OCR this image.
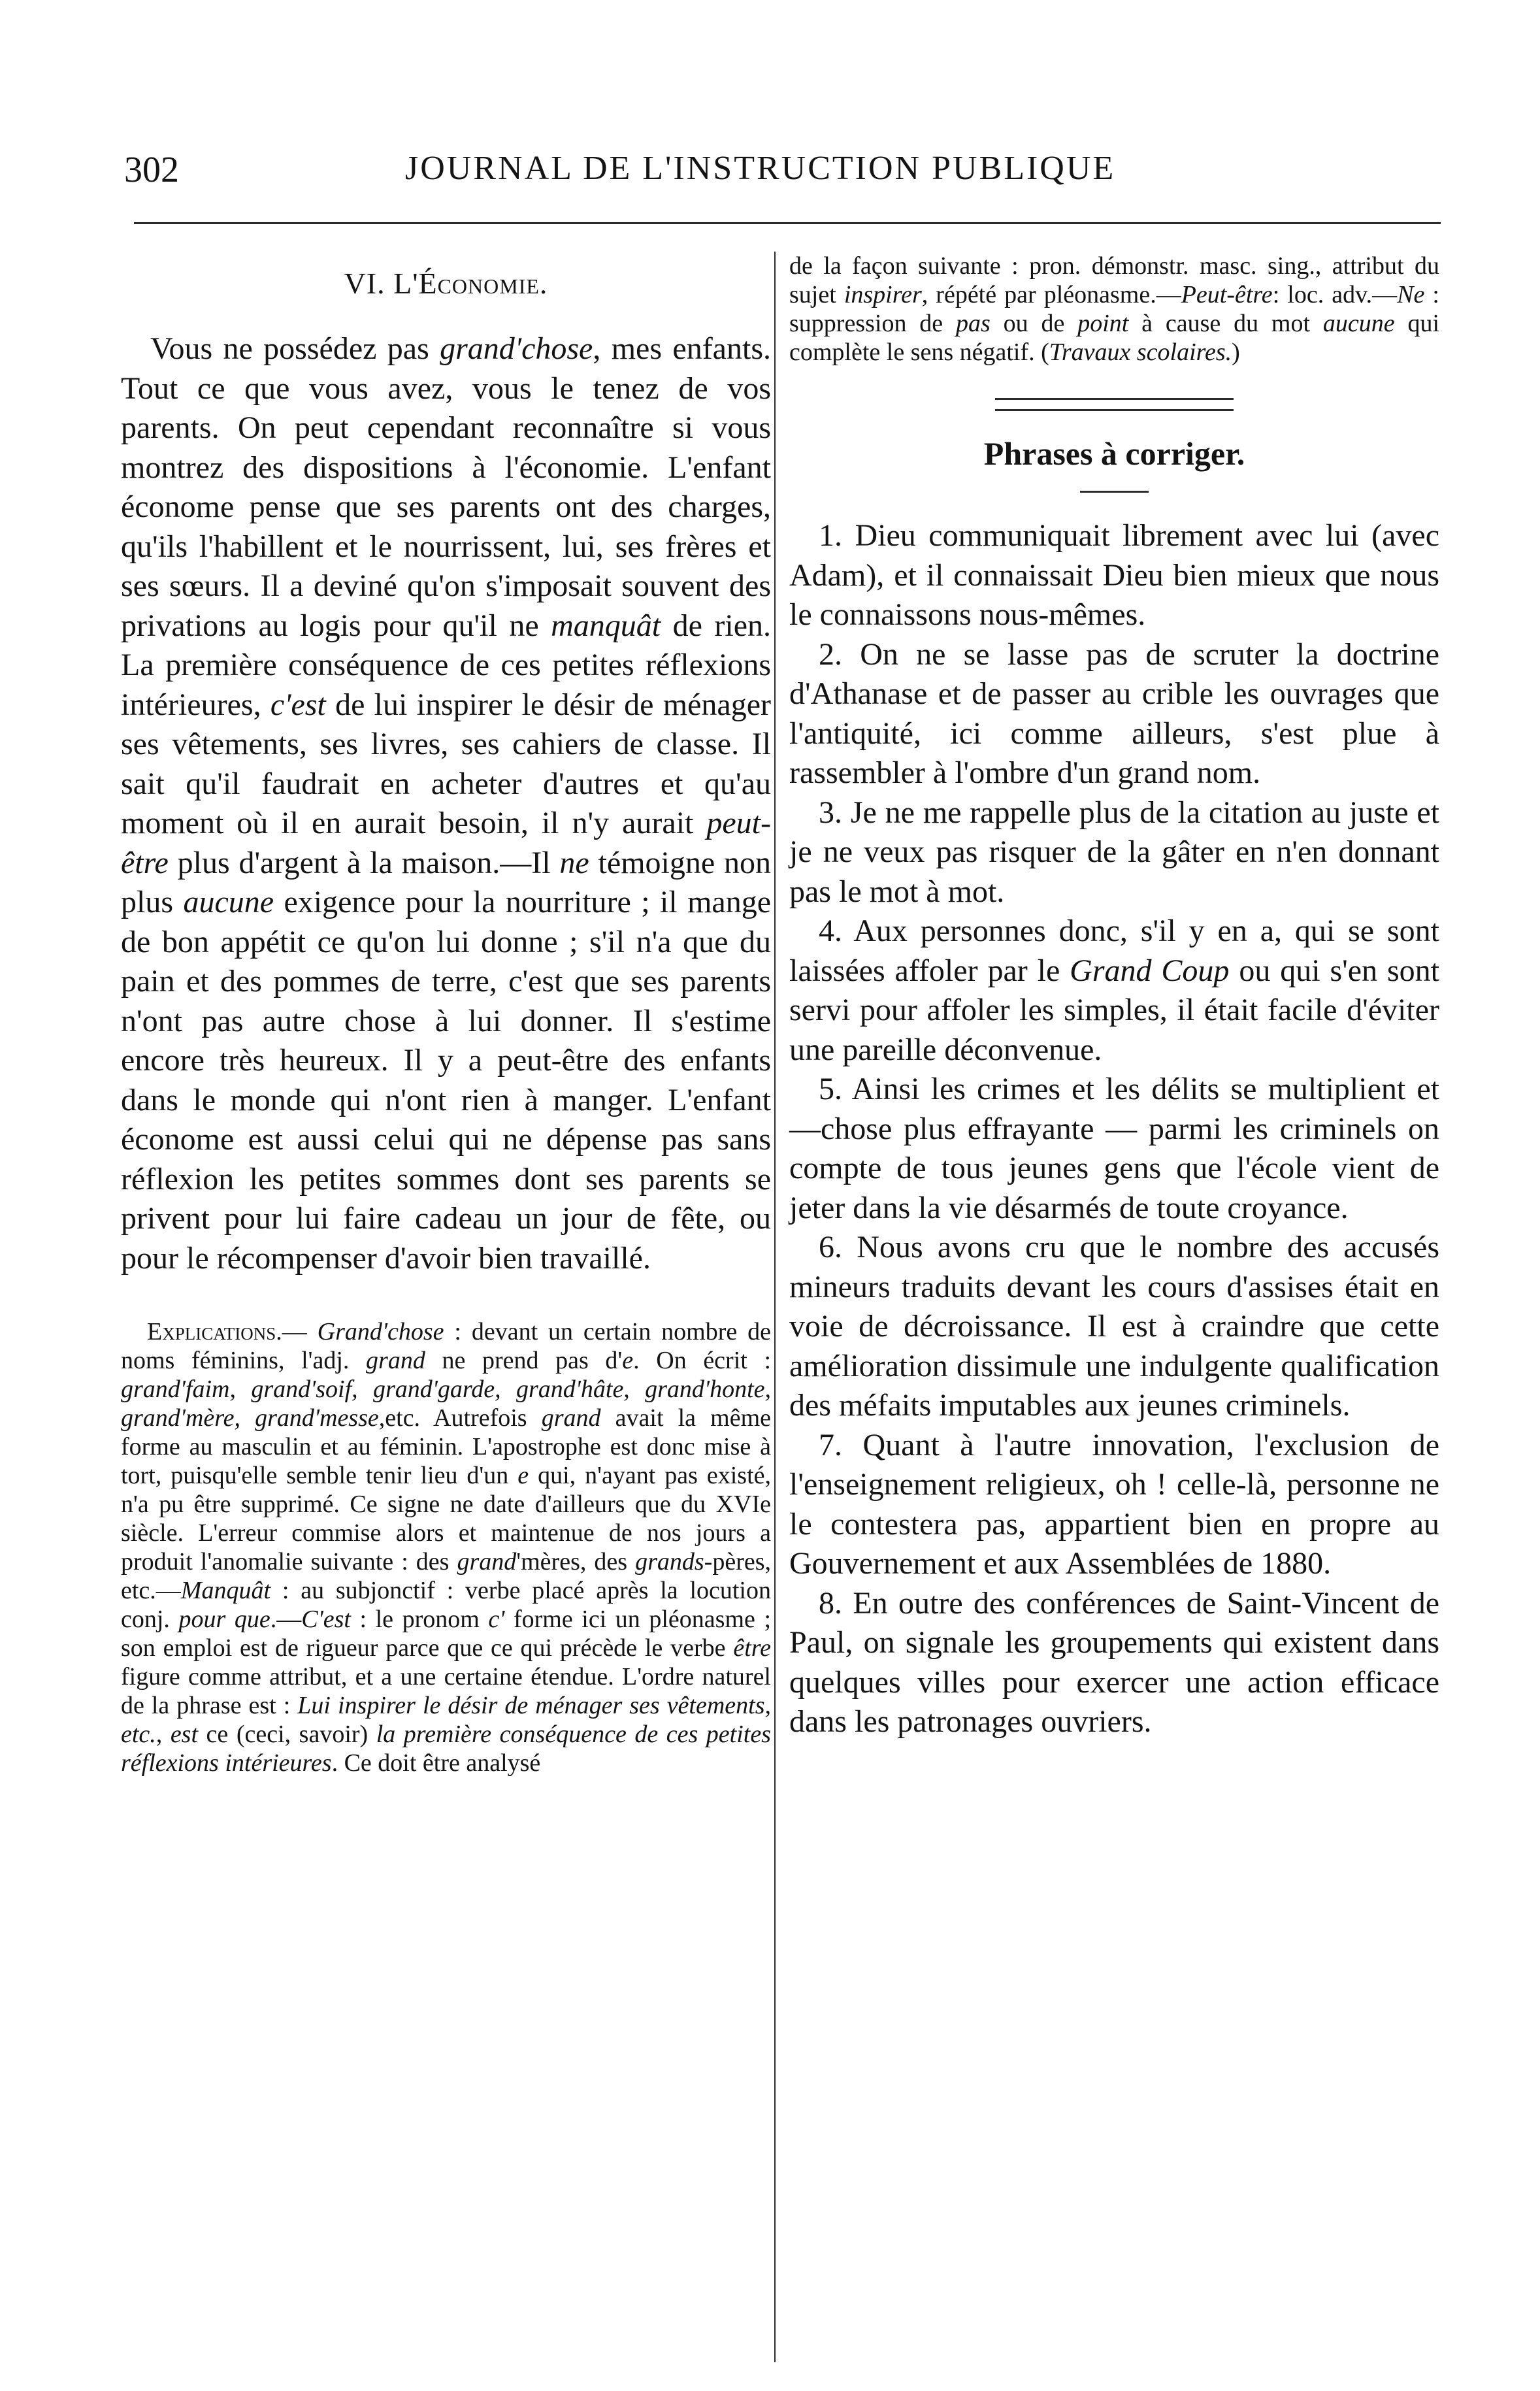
302	JOURNAL DE L'INSTRUCTION PUBLIQUE
VI. L'Économie.

Vous ne possédez pas grand'chose, mes enfants. Tout ce que vous avez, vous le tenez de vos parents. On peut cependant reconnaître si vous montrez des dispositions à l'économie. L'enfant économe pense que ses parents ont des charges, qu'ils l'habillent et le nourrissent, lui, ses frères et ses sœurs. Il a deviné qu'on s'imposait souvent des privations au logis pour qu'il ne manquât de rien. La première conséquence de ces petites réflexions intérieures, c'est de lui inspirer le désir de ménager ses vêtements, ses livres, ses cahiers de classe. Il sait qu'il faudrait en acheter d'autres et qu'au moment où il en aurait besoin, il n'y aurait peut-être plus d'argent à la maison.—Il ne témoigne non plus aucune exigence pour la nourriture ; il mange de bon appétit ce qu'on lui donne ; s'il n'a que du pain et des pommes de terre, c'est que ses parents n'ont pas autre chose à lui donner. Il s'estime encore très heureux. Il y a peut-être des enfants dans le monde qui n'ont rien à manger. L'enfant économe est aussi celui qui ne dépense pas sans réflexion les petites sommes dont ses parents se privent pour lui faire cadeau un jour de fête, ou pour le récompenser d'avoir bien travaillé.

Explications.— Grand'chose : devant un certain nombre de noms féminins, l'adj. grand ne prend pas d'e. On écrit : grand'faim, grand'soif, grand'garde, grand'hâte, grand'honte, grand'mère, grand'messe,etc. Autrefois grand avait la même forme au masculin et au féminin. L'apostrophe est donc mise à tort, puisqu'elle semble tenir lieu d'un e qui, n'ayant pas existé, n'a pu être supprimé. Ce signe ne date d'ailleurs que du XVIe siècle. L'erreur commise alors et maintenue de nos jours a produit l'anomalie suivante : des grand'mères, des grands-pères, etc.—Manquât : au subjonctif : verbe placé après la locution conj. pour que.—C'est : le pronom c' forme ici un pléonasme ; son emploi est de rigueur parce que ce qui précède le verbe être figure comme attribut, et a une certaine étendue. L'ordre naturel de la phrase est : Lui inspirer le désir de ménager ses vêtements, etc., est ce (ceci, savoir) la première conséquence de ces petites réflexions intérieures. Ce doit être analysé

de la façon suivante : pron. démonstr. masc. sing., attribut du sujet inspirer, répété par pléonasme.—Peut-être: loc. adv.—Ne : suppression de pas ou de point à cause du mot aucune qui complète le sens négatif. (Travaux scolaires.)

Phrases à corriger.

1. Dieu communiquait librement avec lui (avec Adam), et il connaissait Dieu bien mieux que nous le connaissons nous-mêmes.

2. On ne se lasse pas de scruter la doctrine d'Athanase et de passer au crible les ouvrages que l'antiquité, ici comme ailleurs, s'est plue à rassembler à l'ombre d'un grand nom.

3. Je ne me rappelle plus de la citation au juste et je ne veux pas risquer de la gâter en n'en donnant pas le mot à mot.

4. Aux personnes donc, s'il y en a, qui se sont laissées affoler par le Grand Coup ou qui s'en sont servi pour affoler les simples, il était facile d'éviter une pareille déconvenue.

5. Ainsi les crimes et les délits se multiplient et—chose plus effrayante — parmi les criminels on compte de tous jeunes gens que l'école vient de jeter dans la vie désarmés de toute croyance.

6. Nous avons cru que le nombre des accusés mineurs traduits devant les cours d'assises était en voie de décroissance. Il est à craindre que cette amélioration dissimule une indulgente qualification des méfaits imputables aux jeunes criminels.

7. Quant à l'autre innovation, l'exclusion de l'enseignement religieux, oh ! celle-là, personne ne le contestera pas, appartient bien en propre au Gouvernement et aux Assemblées de 1880.

8. En outre des conférences de Saint-Vincent de Paul, on signale les groupements qui existent dans quelques villes pour exercer une action efficace dans les patronages ouvriers.
